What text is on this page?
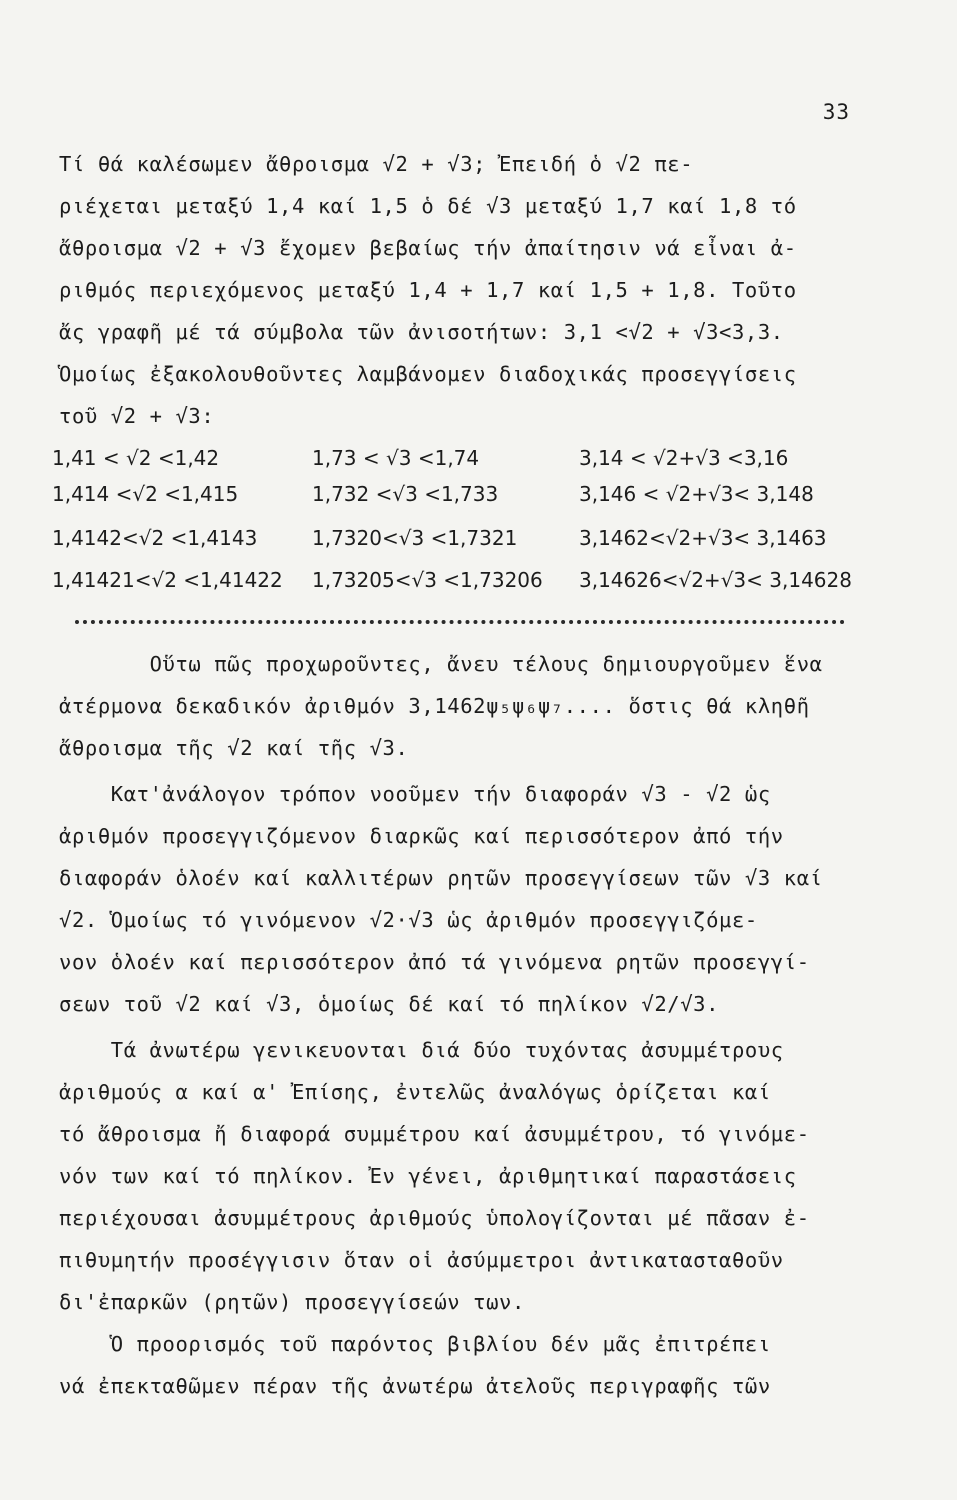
33
Τί θά καλέσωμεν ἄθροισμα √2 + √3; Ἐπειδή ὁ √2 πε-
ριέχεται μεταξύ 1,4 καί 1,5 ὁ δέ √3 μεταξύ 1,7 καί 1,8 τό
ἄθροισμα √2 + √3 ἔχομεν βεβαίως τήν ἀπαίτησιν νά εἶναι ἀ-
ριθμός περιεχόμενος μεταξύ 1,4 + 1,7 καί 1,5 + 1,8. Τοῦτο
ἄς γραφῆ μέ τά σύμβολα τῶν ἀνισοτήτων: 3,1 <√2 + √3<3,3.
Ὁμοίως ἐξακολουθοῦντες λαμβάνομεν διαδοχικάς προσεγγίσεις
τοῦ √2 + √3:
1,41 < √2 <1,42	1,73 < √3 <1,74	3,14 < √2+√3 <3,16
1,414 <√2 <1,415	1,732 <√3 <1,733	3,146 < √2+√3< 3,148
1,4142<√2 <1,4143	1,7320<√3 <1,7321	3,1462<√2+√3< 3,1463
1,41421<√2 <1,41422 1,73205<√3 <1,73206 3,14626<√2+√3< 3,14628
Οὕτω πῶς προχωροῦντες, ἄνευ τέλους δημιουργοῦμεν ἕνα
ἀτέρμονα δεκαδικόν ἀριθμόν 3,1462ψ₅ψ₆ψ₇.... ὅστις θά κληθῆ
ἄθροισμα τῆς √2 καί τῆς √3.
Κατ'ἀνάλογον τρόπον νοοῦμεν τήν διαφοράν √3 - √2 ὡς
ἀριθμόν προσεγγιζόμενον διαρκῶς καί περισσότερον ἀπό τήν
διαφοράν ὁλοέν καί καλλιτέρων ρητῶν προσεγγίσεων τῶν √3 καί
√2. Ὁμοίως τό γινόμενον √2·√3 ὡς ἀριθμόν προσεγγιζόμε-
νον ὁλοέν καί περισσότερον ἀπό τά γινόμενα ρητῶν προσεγγί-
σεων τοῦ √2 καί √3, ὁμοίως δέ καί τό πηλίκον √2/√3.
Τά ἀνωτέρω γενικευονται διά δύο τυχόντας ἀσυμμέτρους
ἀριθμούς α καί α' Ἐπίσης, ἐντελῶς ἀναλόγως ὁρίζεται καί
τό ἄθροισμα ἤ διαφορά συμμέτρου καί ἀσυμμέτρου, τό γινόμε-
νόν των καί τό πηλίκον. Ἐν γένει, ἀριθμητικαί παραστάσεις
περιέχουσαι ἀσυμμέτρους ἀριθμούς ὑπολογίζονται μέ πᾶσαν ἐ-
πιθυμητήν προσέγγισιν ὅταν οἱ ἀσύμμετροι ἀντικατασταθοῦν
δι'ἐπαρκῶν (ρητῶν) προσεγγίσεών των.
Ὁ προορισμός τοῦ παρόντος βιβλίου δέν μᾶς ἐπιτρέπει
νά ἐπεκταθῶμεν πέραν τῆς ἀνωτέρω ἀτελοῦς περιγραφῆς τῶν
